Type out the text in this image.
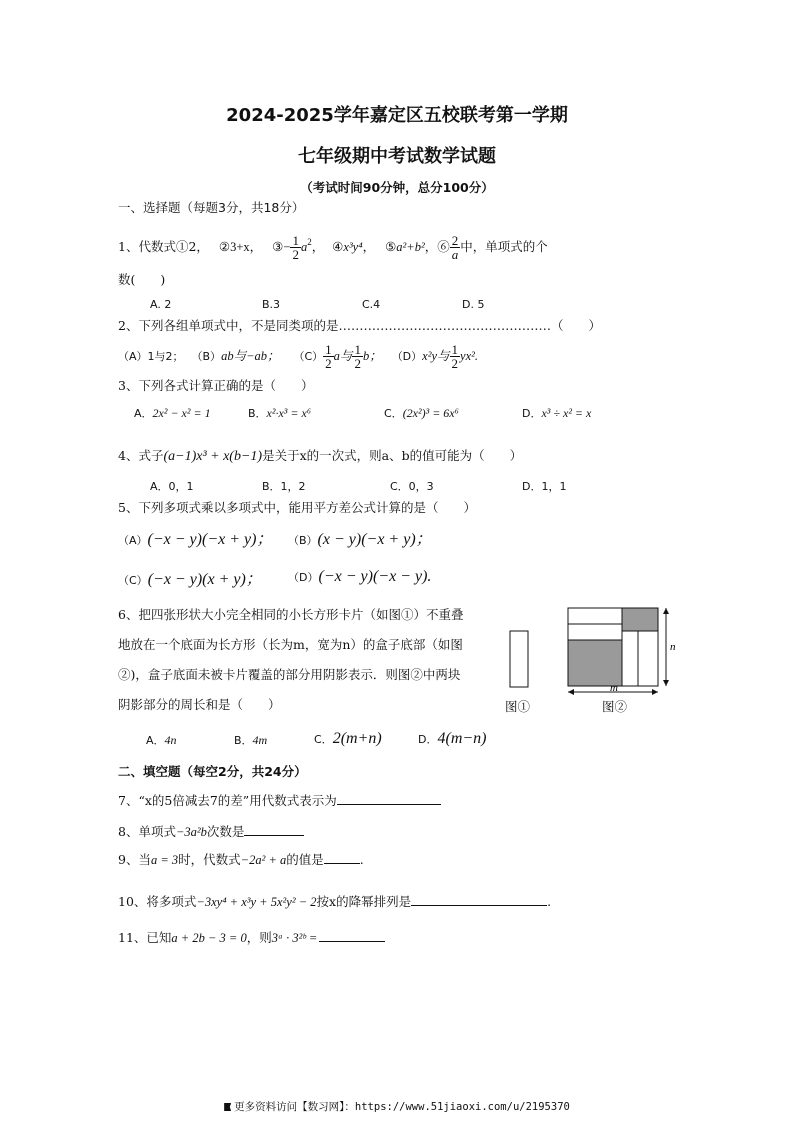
2024-2025学年嘉定区五校联考第一学期
七年级期中考试数学试题
（考试时间90分钟，总分100分）
一、选择题（每题3分，共18分）
1、代数式①2， ②3+x， ③− $\frac{1}{2} a^2$， ④x³y⁴， ⑤a²+b²，⑥ $\frac{2}{a}$ 中，单项式的个
数(　　)
A. 2	B.3	C.4	D. 5
2、下列各组单项式中，不是同类项的是……………………………………………（　　）
（A）1与2； （B）ab与−ab； $(C) \frac{1}{2}$ a与 $\frac{1}{2}$ b； （D）x²y与 $\frac{1}{2} yx^2$.
3、下列各式计算正确的是（　　）
A．2x² − x² = 1	B．x²·x³ = x⁶	C．(2x²)³ = 6x⁶	D．x³ ÷ x² = x
4、式子(a−1)x³ + x(b−1)是关于x的一次式，则a、b的值可能为（　　）
A．0，1	B．1，2	C．0，3	D．1，1
5、下列多项式乘以多项式中，能用平方差公式计算的是（　　）
（A）(−x − y)(−x + y)； （B）(x − y)(−x + y)；
（C）(−x − y)(x + y)； （D）(−x − y)(−x − y).
6、把四张形状大小完全相同的小长方形卡片（如图①）不重叠
地放在一个底面为长方形（长为m，宽为n）的盒子底部（如图
②)，盒子底面未被卡片覆盖的部分用阴影表示．则图②中两块
阴影部分的周长和是（　　）	图①
n
m
图②
A．4n	B．4m	C．2(m+n)	D．4(m−n)
二、填空题（每空2分，共24分）
7、“x的5倍减去7的差”用代数式表示为
8、单项式−3a²b次数是
9、当a = 3时，代数式−2a² + a的值是	.
10、将多项式−3xy⁴ + x³y + 5x²y² − 2按x的降幂排列是	.
11、已知a + 2b − 3 = 0，则3ᵃ · 3²ᵇ =
更多资料访问【数习网】：https://www.51jiaoxi.com/u/2195370
